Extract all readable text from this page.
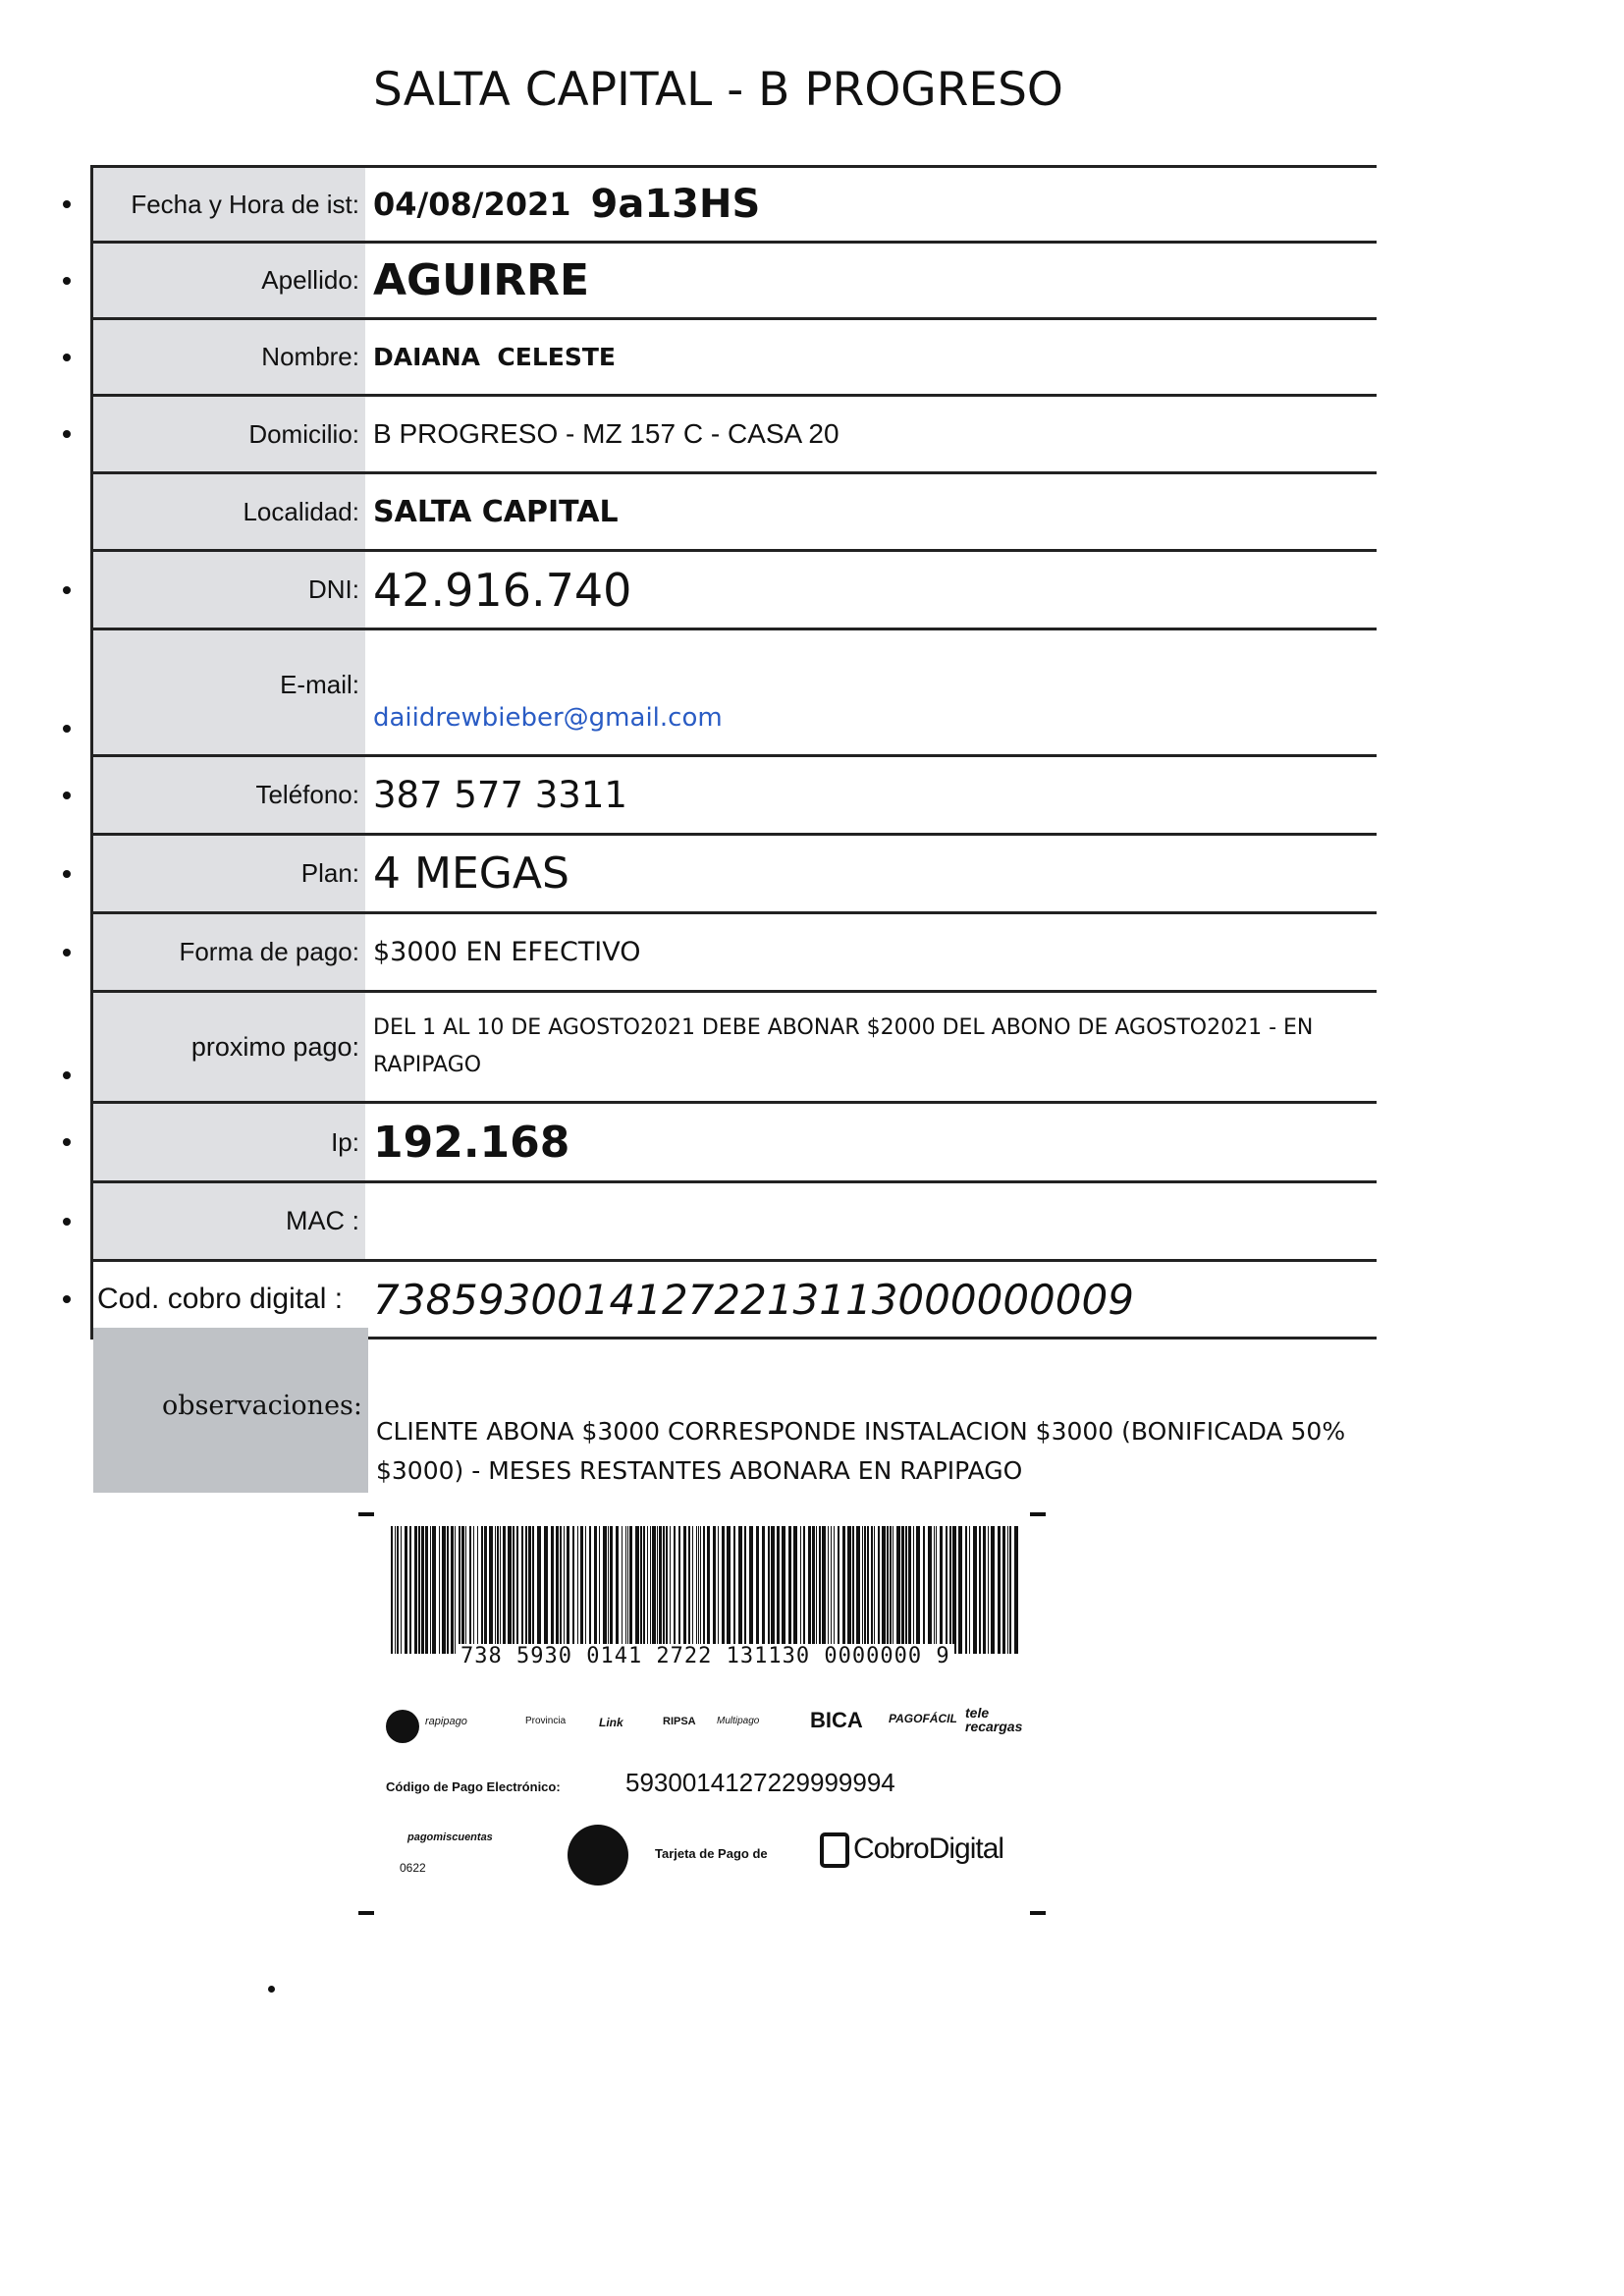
SALTA CAPITAL - B PROGRESO
Fecha y Hora de ist: 04/08/2021 9a13HS
Apellido: AGUIRRE
Nombre: DAIANA  CELESTE
Domicilio: B PROGRESO - MZ 157 C - CASA 20
Localidad: SALTA CAPITAL
DNI: 42.916.740
E-mail:
daiidrewbieber@gmail.com
Teléfono: 387 577 3311
Plan: 4 MEGAS
Forma de pago: $3000 EN EFECTIVO
proximo pago:
DEL 1 AL 10 DE AGOSTO2021 DEBE ABONAR $2000 DEL ABONO DE AGOSTO2021 - EN RAPIPAGO
Ip: 192.168
MAC :
Cod. cobro digital : 73859300141272213113000000009
observaciones:
CLIENTE ABONA $3000 CORRESPONDE INSTALACION $3000 (BONIFICADA 50% $3000) - MESES RESTANTES ABONARA EN RAPIPAGO
738 5930 0141 2722 131130 0000000 9
rapipago	Provincia	Link	RIPSA Multipago BICA PAGOFÁCIL tele recargas
Código de Pago Electrónico:	5930014127229999994
pagomiscuentas
0622
Tarjeta de Pago de	CobroDigital
